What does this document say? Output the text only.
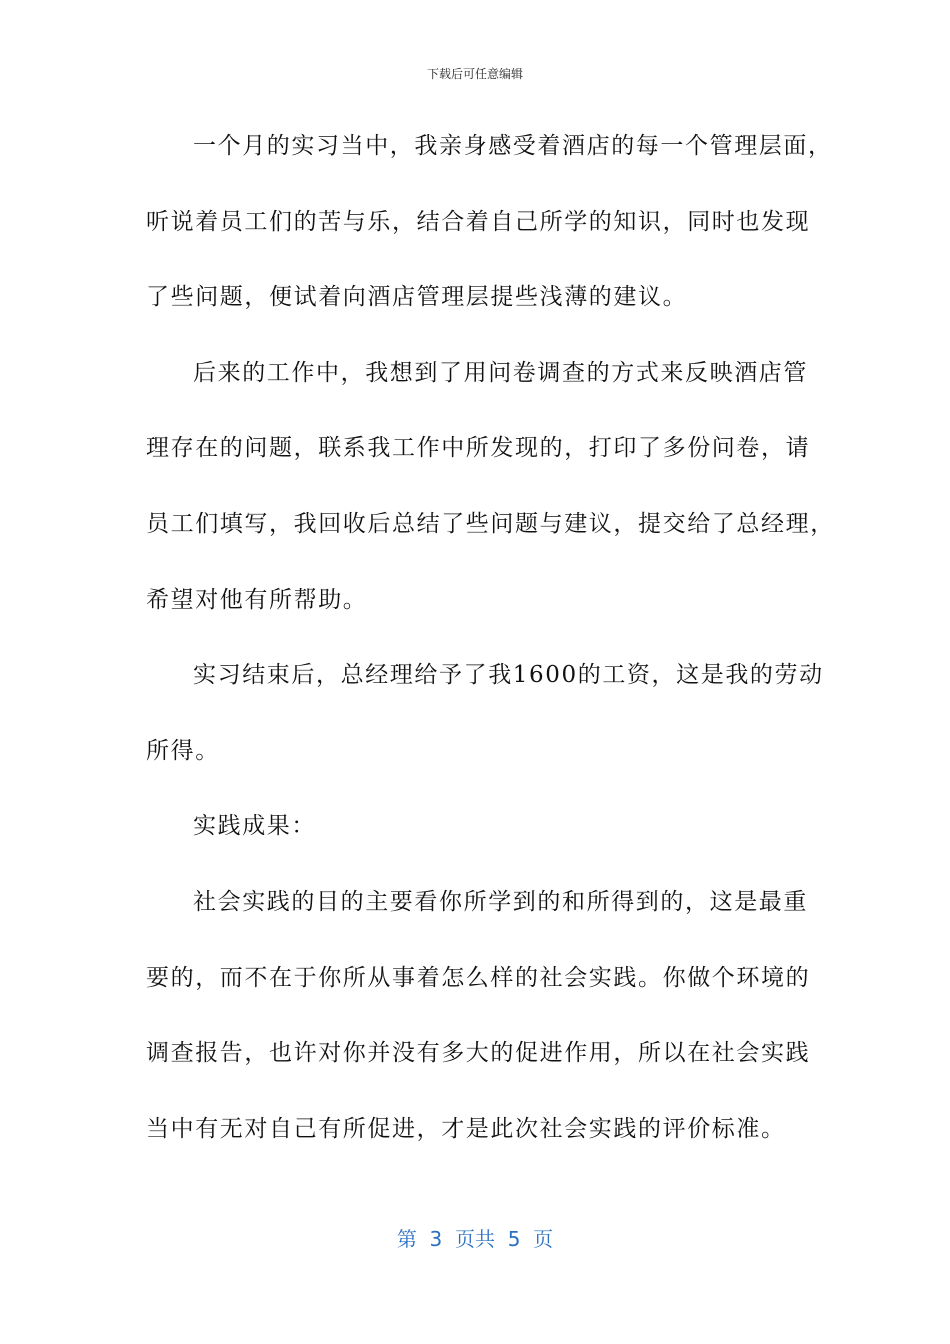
下载后可任意编辑
一个月的实习当中，我亲身感受着酒店的每一个管理层面，
听说着员工们的苦与乐，结合着自己所学的知识，同时也发现
了些问题，便试着向酒店管理层提些浅薄的建议。
后来的工作中，我想到了用问卷调查的方式来反映酒店管
理存在的问题，联系我工作中所发现的，打印了多份问卷，请
员工们填写，我回收后总结了些问题与建议，提交给了总经理，
希望对他有所帮助。
实习结束后，总经理给予了我1600的工资，这是我的劳动
所得。
实践成果：
社会实践的目的主要看你所学到的和所得到的，这是最重
要的，而不在于你所从事着怎么样的社会实践。你做个环境的
调查报告，也许对你并没有多大的促进作用，所以在社会实践
当中有无对自己有所促进，才是此次社会实践的评价标准。
第  3  页共  5  页
